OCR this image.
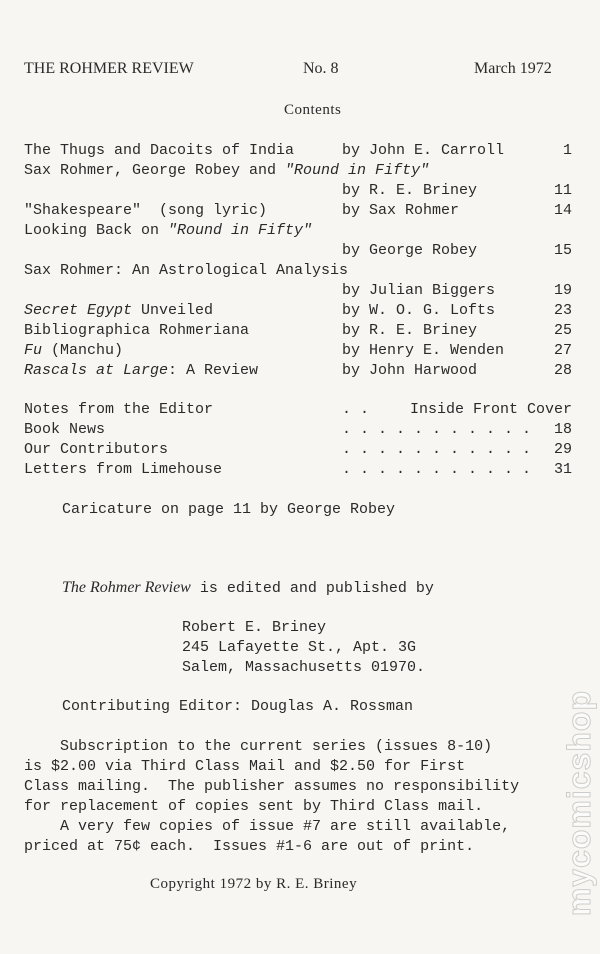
THE ROHMER REVIEW	No. 8	March 1972
Contents
The Thugs and Dacoits of India	by John E. Carroll	1
Sax Rohmer, George Robey and "Round in Fifty"
by R. E. Briney	11
"Shakespeare"  (song lyric)	by Sax Rohmer	14
Looking Back on "Round in Fifty"
by George Robey	15
Sax Rohmer: An Astrological Analysis
by Julian Biggers	19
Secret Egypt Unveiled	by W. O. G. Lofts	23
Bibliographica Rohmeriana	by R. E. Briney	25
Fu (Manchu)	by Henry E. Wenden	27
Rascals at Large: A Review	by John Harwood	28
Notes from the Editor	. .	Inside Front Cover
Book News	. . . . . . . . . . . 18
Our Contributors	. . . . . . . . . . . 29
Letters from Limehouse	. . . . . . . . . . . 31
Caricature on page 11 by George Robey
The Rohmer Review is edited and published by
Robert E. Briney
245 Lafayette St., Apt. 3G
Salem, Massachusetts 01970.
Contributing Editor: Douglas A. Rossman
Subscription to the current series (issues 8-10)
is $2.00 via Third Class Mail and $2.50 for First
Class mailing.  The publisher assumes no responsibility
for replacement of copies sent by Third Class mail.
A very few copies of issue #7 are still available,
priced at 75¢ each.  Issues #1-6 are out of print.
Copyright 1972 by R. E. Briney	mycomicshop
